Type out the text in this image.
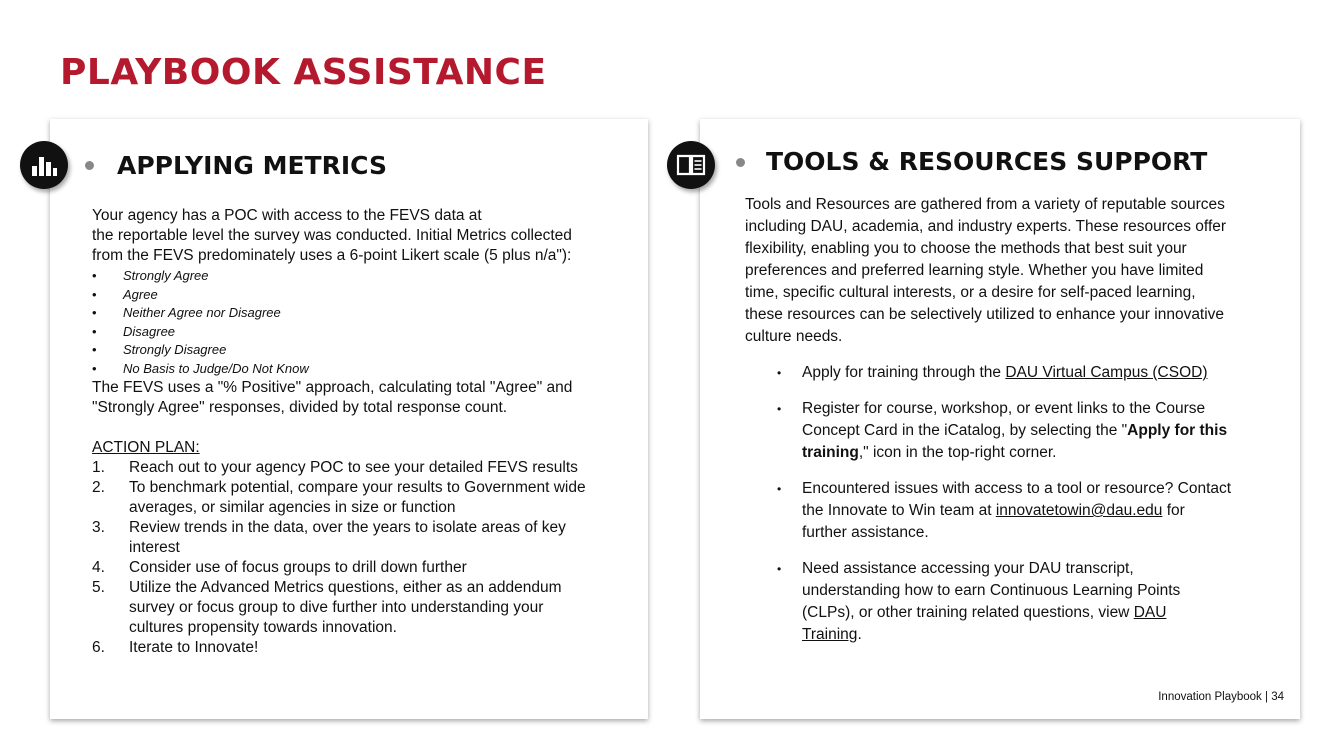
PLAYBOOK ASSISTANCE
APPLYING METRICS
Your agency has a POC with access to the FEVS data at
the reportable level the survey was conducted. Initial Metrics collected
from the FEVS predominately uses a 6-point Likert scale (5 plus n/a"):
• Strongly Agree
• Agree
• Neither Agree nor Disagree
• Disagree
• Strongly Disagree
• No Basis to Judge/Do Not Know
The FEVS uses a "% Positive" approach, calculating total "Agree" and
"Strongly Agree" responses, divided by total response count.
ACTION PLAN:
1. Reach out to your agency POC to see your detailed FEVS results
2. To benchmark potential, compare your results to Government wide
averages, or similar agencies in size or function
3. Review trends in the data, over the years to isolate areas of key
interest
4. Consider use of focus groups to drill down further
5. Utilize the Advanced Metrics questions, either as an addendum
survey or focus group to dive further into understanding your
cultures propensity towards innovation.
6. Iterate to Innovate!
TOOLS & RESOURCES SUPPORT
Tools and Resources are gathered from a variety of reputable sources
including DAU, academia, and industry experts. These resources offer
flexibility, enabling you to choose the methods that best suit your
preferences and preferred learning style. Whether you have limited
time, specific cultural interests, or a desire for self-paced learning,
these resources can be selectively utilized to enhance your innovative
culture needs.
• Apply for training through the DAU Virtual Campus (CSOD)
• Register for course, workshop, or event links to the Course
Concept Card in the iCatalog, by selecting the "Apply for this
training," icon in the top-right corner.
• Encountered issues with access to a tool or resource? Contact
the Innovate to Win team at innovatetowin@dau.edu for
further assistance.
• Need assistance accessing your DAU transcript,
understanding how to earn Continuous Learning Points
(CLPs), or other training related questions, view DAU
Training.
Innovation Playbook | 34
